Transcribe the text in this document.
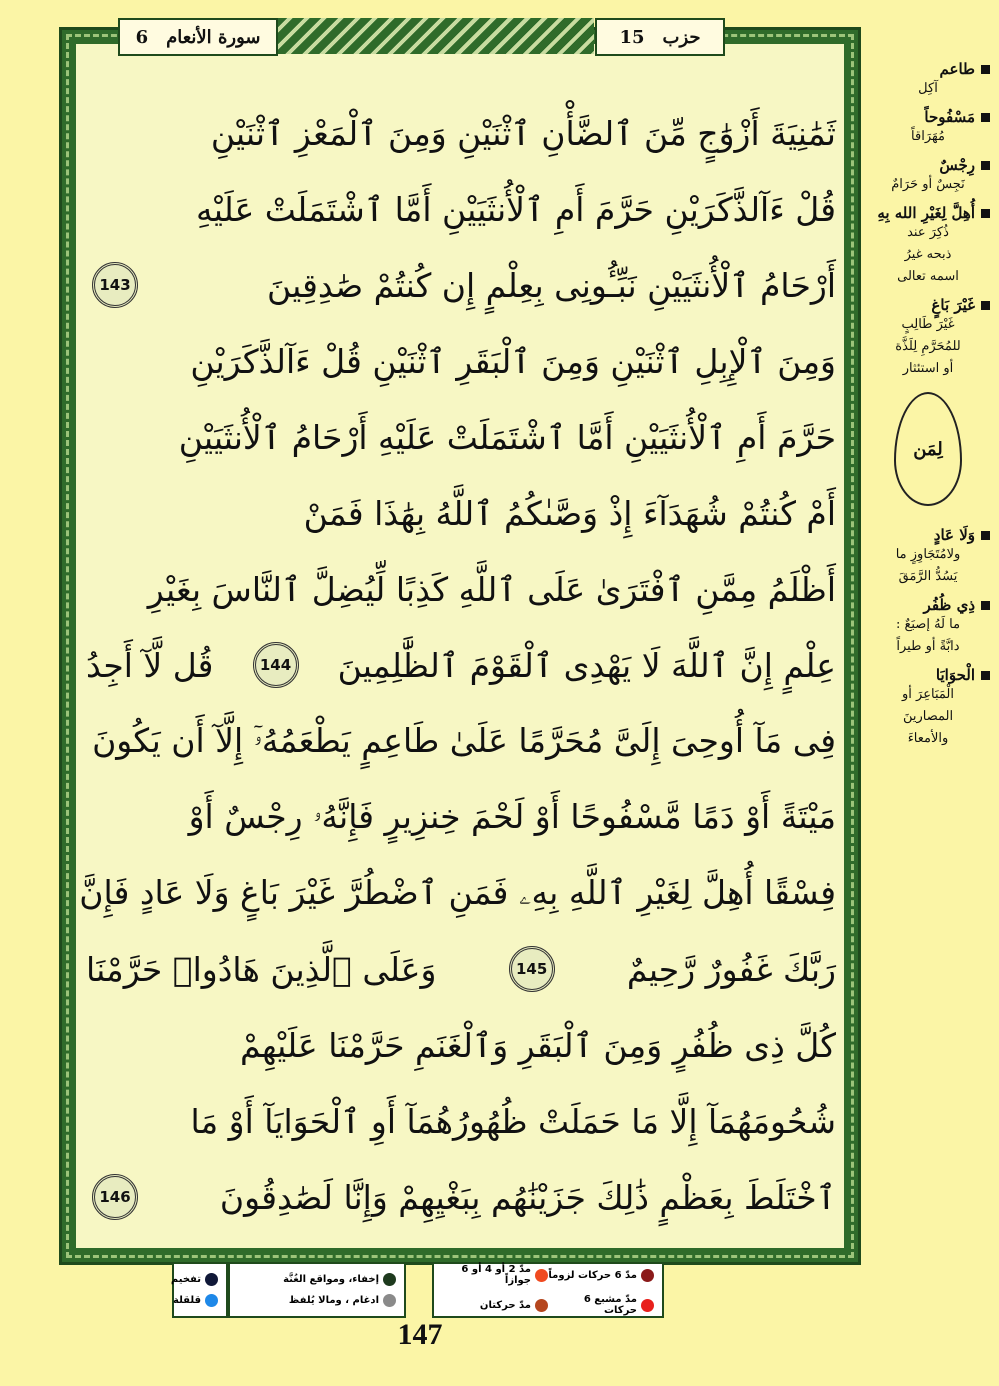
سورة الأنعام
6	حزب
15
ثَمَٰنِيَةَ أَزْوَٰجٍ مِّنَ ٱلضَّأْنِ ٱثْنَيْنِ وَمِنَ ٱلْمَعْزِ ٱثْنَيْنِ
قُلْ ءَآلذَّكَرَيْنِ حَرَّمَ أَمِ ٱلْأُنثَيَيْنِ أَمَّا ٱشْتَمَلَتْ عَلَيْهِ
أَرْحَامُ ٱلْأُنثَيَيْنِ نَبِّـُٔونِى بِعِلْمٍ إِن كُنتُمْ صَٰدِقِينَ
143
وَمِنَ ٱلْإِبِلِ ٱثْنَيْنِ وَمِنَ ٱلْبَقَرِ ٱثْنَيْنِ قُلْ ءَآلذَّكَرَيْنِ
حَرَّمَ أَمِ ٱلْأُنثَيَيْنِ أَمَّا ٱشْتَمَلَتْ عَلَيْهِ أَرْحَامُ ٱلْأُنثَيَيْنِ
أَمْ كُنتُمْ شُهَدَآءَ إِذْ وَصَّىٰكُمُ ٱللَّهُ بِهَٰذَا فَمَنْ
أَظْلَمُ مِمَّنِ ٱفْتَرَىٰ عَلَى ٱللَّهِ كَذِبًا لِّيُضِلَّ ٱلنَّاسَ بِغَيْرِ
عِلْمٍ إِنَّ ٱللَّهَ لَا يَهْدِى ٱلْقَوْمَ ٱلظَّٰلِمِينَ
144
قُل لَّآ أَجِدُ
فِى مَآ أُوحِىَ إِلَىَّ مُحَرَّمًا عَلَىٰ طَاعِمٍ يَطْعَمُهُۥٓ إِلَّآ أَن يَكُونَ
مَيْتَةً أَوْ دَمًا مَّسْفُوحًا أَوْ لَحْمَ خِنزِيرٍ فَإِنَّهُۥ رِجْسٌ أَوْ
فِسْقًا أُهِلَّ لِغَيْرِ ٱللَّهِ بِهِۦ فَمَنِ ٱضْطُرَّ غَيْرَ بَاغٍ وَلَا عَادٍ فَإِنَّ
رَبَّكَ غَفُورٌ رَّحِيمٌ
145
وَعَلَى ٱلَّذِينَ هَادُوا۟ حَرَّمْنَا
كُلَّ ذِى ظُفُرٍ وَمِنَ ٱلْبَقَرِ وَٱلْغَنَمِ حَرَّمْنَا عَلَيْهِمْ
شُحُومَهُمَآ إِلَّا مَا حَمَلَتْ ظُهُورُهُمَآ أَوِ ٱلْحَوَايَآ أَوْ مَا
ٱخْتَلَطَ بِعَظْمٍ ذَٰلِكَ جَزَيْنَٰهُم بِبَغْيِهِمْ وَإِنَّا لَصَٰدِقُونَ
146
طاعم
آكِل
مَسْفُوحاً
مُهَرَاقاً
رِجْسٌ
نَجِسٌ أو حَرَامٌ
أُهِلَّ لِغَيْرِ الله بِهِ
ذُكِرَ عند
ذبحه غيرُ
اسمه تعالى
غَيْرَ بَاغٍ
غَيْرَ طَالِبٍ
للمُحَرَّمِ لِلَذَّة
أو استئثار
لِمَن
وَلَا عَادٍ
ولامُتَجَاوِزٍ ما
يَسُدُّ الرَّمَقَ
ذِي ظُفُر
ما لَهُ إصبَعٌ :
دابَّةً أو طيراً
الْحوَايَا
الْمَبَاعِرَ أو
المصارينَ
والأمعاءَ
مدّ 6 حركات لزوماً
مدّ 2 أو 4 أو 6 جوازاً
مدّ مشبع 6 حركات
مدّ حركتان
إخفاء، ومواقع الغُنَّة
ادغام ، ومالا يُلفظ
تفخيم
قلقلة
147
